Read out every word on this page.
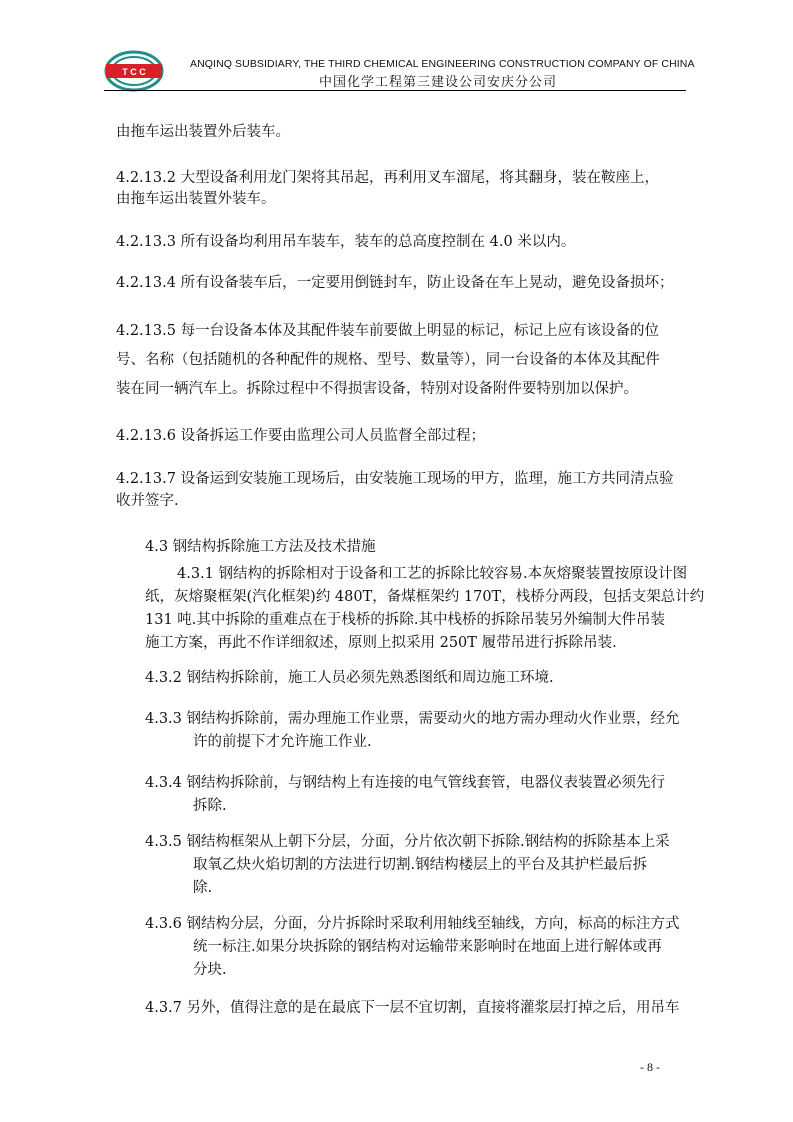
T C C
ANQINQ SUBSIDIARY, THE THIRD CHEMICAL ENGINEERING CONSTRUCTION COMPANY OF CHINA
中国化学工程第三建设公司安庆分公司
由拖车运出装置外后装车。
4.2.13.2 大型设备利用龙门架将其吊起，再利用叉车溜尾，将其翻身，装在鞍座上，
由拖车运出装置外装车。
4.2.13.3 所有设备均利用吊车装车，装车的总高度控制在 4.0 米以内。
4.2.13.4 所有设备装车后，一定要用倒链封车，防止设备在车上晃动，避免设备损坏；
4.2.13.5 每一台设备本体及其配件装车前要做上明显的标记，标记上应有该设备的位
号、名称（包括随机的各种配件的规格、型号、数量等），同一台设备的本体及其配件
装在同一辆汽车上。拆除过程中不得损害设备，特别对设备附件要特别加以保护。
4.2.13.6 设备拆运工作要由监理公司人员监督全部过程；
4.2.13.7 设备运到安装施工现场后，由安装施工现场的甲方，监理，施工方共同清点验
收并签字.
4.3 钢结构拆除施工方法及技术措施
4.3.1 钢结构的拆除相对于设备和工艺的拆除比较容易.本灰熔聚装置按原设计图
纸，灰熔聚框架(汽化框架)约 480T，备煤框架约 170T，栈桥分两段，包括支架总计约
131 吨.其中拆除的重难点在于栈桥的拆除.其中栈桥的拆除吊装另外编制大件吊装
施工方案，再此不作详细叙述，原则上拟采用 250T 履带吊进行拆除吊装.
4.3.2 钢结构拆除前，施工人员必须先熟悉图纸和周边施工环境.
4.3.3 钢结构拆除前，需办理施工作业票，需要动火的地方需办理动火作业票，经允
许的前提下才允许施工作业.
4.3.4 钢结构拆除前，与钢结构上有连接的电气管线套管，电器仪表装置必须先行
拆除.
4.3.5 钢结构框架从上朝下分层，分面，分片依次朝下拆除.钢结构的拆除基本上采
取氧乙炔火焰切割的方法进行切割.钢结构楼层上的平台及其护栏最后拆
除.
4.3.6 钢结构分层，分面，分片拆除时采取利用轴线至轴线，方向，标高的标注方式
统一标注.如果分块拆除的钢结构对运输带来影响时在地面上进行解体或再
分块.
4.3.7 另外，值得注意的是在最底下一层不宜切割，直接将灌浆层打掉之后，用吊车
- 8 -
